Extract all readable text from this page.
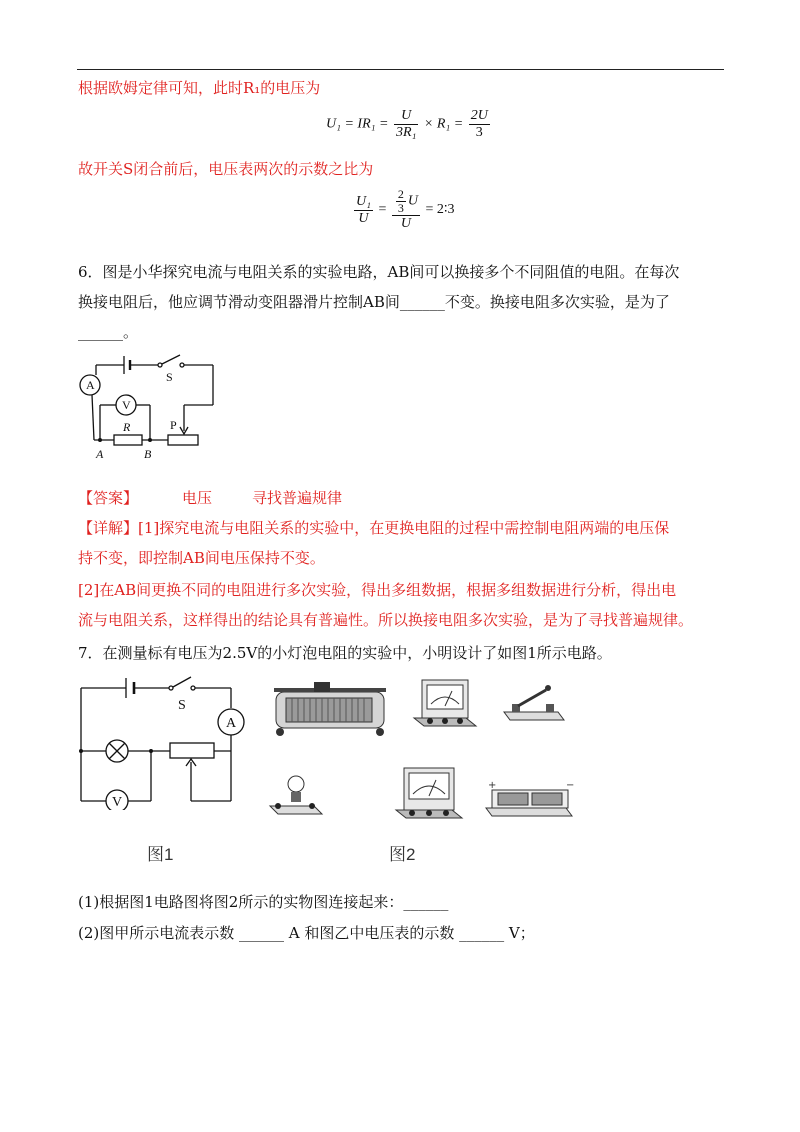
根据欧姆定律可知，此时R₁的电压为
$U_1 = IR_1 = \frac{U}{\text{3R₁}} \times R_1 = \frac{2U}{3}$
故开关S闭合前后，电压表两次的示数之比为
$\frac{\text{U₁}}{U} = \frac{\frac{2}{3} U}{U}$ = 2∶3
6．图是小华探究电流与电阻关系的实验电路，AB间可以换接多个不同阻值的电阻。在每次
换接电阻后，他应调节滑动变阻器滑片控制AB间______不变。换接电阻多次实验，是为了
______。
A
V
S
R	P
A	B
【答案】	电压	寻找普遍规律
【详解】[1]探究电流与电阻关系的实验中，在更换电阻的过程中需控制电阻两端的电压保
持不变，即控制AB间电压保持不变。
[2]在AB间更换不同的电阻进行多次实验，得出多组数据，根据多组数据进行分析，得出电
流与电阻关系，这样得出的结论具有普遍性。所以换接电阻多次实验，是为了寻找普遍规律。
7．在测量标有电压为2.5V的小灯泡电阻的实验中，小明设计了如图1所示电路。
S
A
V
+	−
图1	图2
(1)根据图1电路图将图2所示的实物图连接起来：______
(2)图甲所示电流表示数 ______ A 和图乙中电压表的示数 ______ V；
